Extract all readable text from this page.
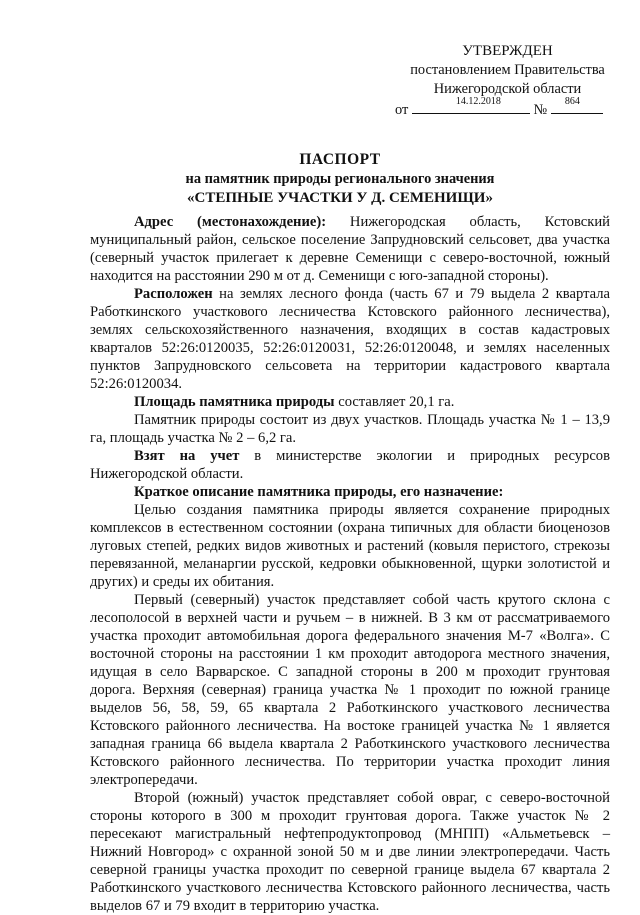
УТВЕРЖДЕН
постановлением Правительства
Нижегородской области
от
14.12.2018
№
864
ПАСПОРТ
на памятник природы регионального значения
«СТЕПНЫЕ УЧАСТКИ У Д. СЕМЕНИЩИ»

Адрес (местонахождение): Нижегородская область, Кстовский муниципальный район, сельское поселение Запрудновский сельсовет, два участка (северный участок прилегает к деревне Семенищи с северо-восточной, южный находится на расстоянии 290 м от д. Семенищи с юго-западной стороны).

Расположен на землях лесного фонда (часть 67 и 79 выдела 2 квартала Работкинского участкового лесничества Кстовского районного лесничества), землях сельскохозяйственного назначения, входящих в состав кадастровых кварталов 52:26:0120035, 52:26:0120031, 52:26:0120048, и землях населенных пунктов Запрудновского сельсовета на территории кадастрового квартала 52:26:0120034.

Площадь памятника природы составляет 20,1 га.

Памятник природы состоит из двух участков. Площадь участка № 1 – 13,9 га, площадь участка № 2 – 6,2 га.

Взят на учет в министерстве экологии и природных ресурсов Нижегородской области.

Краткое описание памятника природы, его назначение:

Целью создания памятника природы является сохранение природных комплексов в естественном состоянии (охрана типичных для области биоценозов луговых степей, редких видов животных и растений (ковыля перистого, стрекозы перевязанной, меланаргии русской, кедровки обыкновенной, щурки золотистой и других) и среды их обитания.

Первый (северный) участок представляет собой часть крутого склона с лесополосой в верхней части и ручьем – в нижней. В 3 км от рассматриваемого участка проходит автомобильная дорога федерального значения М-7 «Волга». С восточной стороны на расстоянии 1 км проходит автодорога местного значения, идущая в село Варварское. С западной стороны в 200 м проходит грунтовая дорога. Верхняя (северная) граница участка № 1 проходит по южной границе выделов 56, 58, 59, 65 квартала 2 Работкинского участкового лесничества Кстовского районного лесничества. На востоке границей участка № 1 является западная граница 66 выдела квартала 2 Работкинского участкового лесничества Кстовского районного лесничества. По территории участка проходит линия электропередачи.

Второй (южный) участок представляет собой овраг, с северо-восточной стороны которого в 300 м проходит грунтовая дорога. Также участок № 2 пересекают магистральный нефтепродуктопровод (МНПП) «Альметьевск – Нижний Новгород» с охранной зоной 50 м и две линии электропередачи. Часть северной границы участка проходит по северной границе выдела 67 квартала 2 Работкинского участкового лесничества Кстовского районного лесничества, часть выделов 67 и 79 входит в территорию участка.
